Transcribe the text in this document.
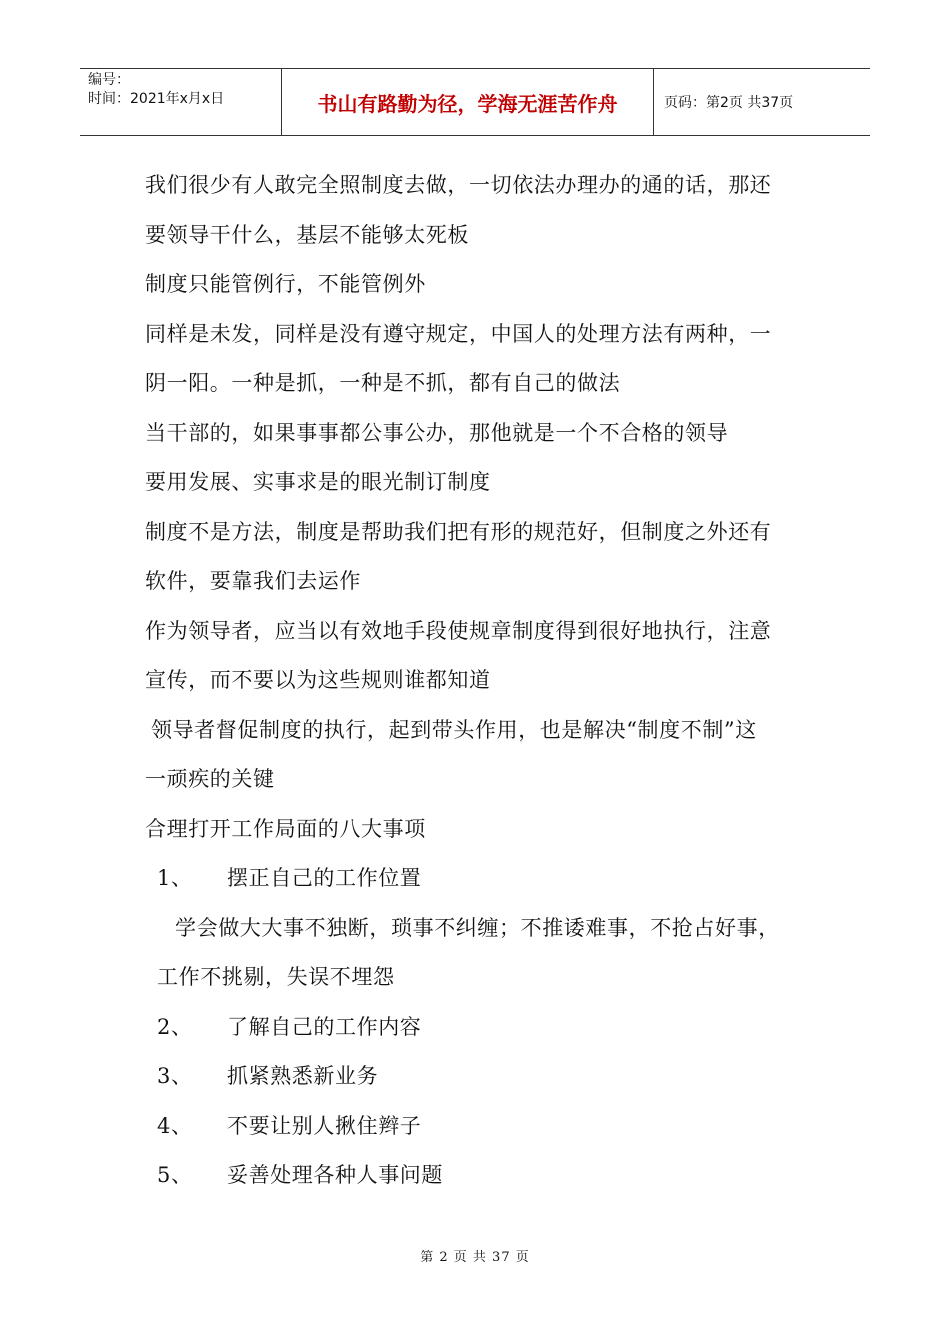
编号：
时间：2021年x月x日	书山有路勤为径，学海无涯苦作舟	页码：第2页 共37页
我们很少有人敢完全照制度去做，一切依法办理办的通的话，那还
要领导干什么，基层不能够太死板
制度只能管例行，不能管例外
同样是未发，同样是没有遵守规定，中国人的处理方法有两种，一
阴一阳。一种是抓，一种是不抓，都有自己的做法
当干部的，如果事事都公事公办，那他就是一个不合格的领导
要用发展、实事求是的眼光制订制度
制度不是方法，制度是帮助我们把有形的规范好，但制度之外还有
软件，要靠我们去运作
作为领导者，应当以有效地手段使规章制度得到很好地执行，注意
宣传，而不要以为这些规则谁都知道
领导者督促制度的执行，起到带头作用，也是解决“制度不制”这
一顽疾的关键
合理打开工作局面的八大事项
1、 摆正自己的工作位置
学会做大大事不独断，琐事不纠缠；不推诿难事，不抢占好事，
工作不挑剔，失误不埋怨
2、 了解自己的工作内容
3、 抓紧熟悉新业务
4、 不要让别人揪住辫子
5、 妥善处理各种人事问题
第 2 页 共 37 页
